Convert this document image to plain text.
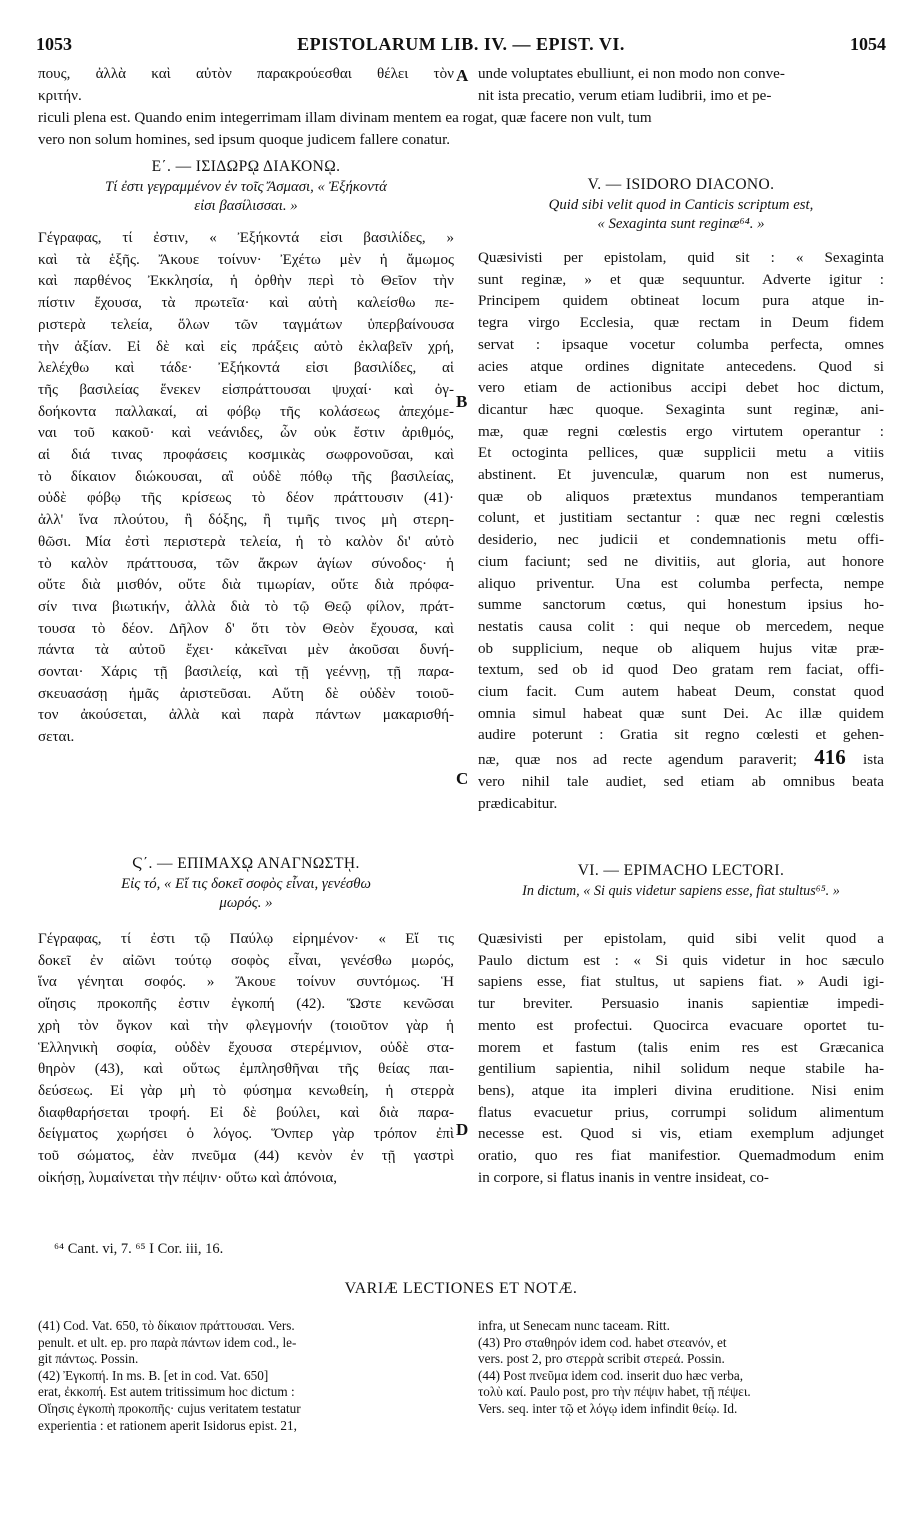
1053	EPISTOLARUM LIB. IV. — EPIST. VI.	1054
πους, ἀλλὰ καὶ αὐτὸν παρακρούεσθαι θέλει τὸν
κριτήν.
A unde voluptates ebulliunt, ei non modo non conve-
nit ista precatio, verum etiam ludibrii, imo et pe-
riculi plena est. Quando enim integerrimam illam divinam mentem ea rogat, quæ facere non vult, tum
vero non solum homines, sed ipsum quoque judicem fallere conatur.
Ε΄. — ΙΣΙΔΩΡῼ ΔΙΑΚΟΝῼ.
Τί ἐστι γεγραμμένον ἐν τοῖς Ἄσμασι, « Ἐξήκοντά
εἰσι βασίλισσαι. »
Γέγραφας, τί ἐστιν, « Ἐξήκοντά εἰσι βασιλίδες, »
καὶ τὰ ἑξῆς. Ἄκουε τοίνυν· Ἐχέτω μὲν ἡ ἄμωμος
καὶ παρθένος Ἐκκλησία, ἡ ὀρθὴν περὶ τὸ Θεῖον τὴν
πίστιν ἔχουσα, τὰ πρωτεῖα· καὶ αὐτὴ καλείσθω πε-
ριστερὰ τελεία, ὅλων τῶν ταγμάτων ὑπερβαίνουσα
τὴν ἀξίαν. Εἰ δὲ καὶ εἰς πράξεις αὐτὸ ἐκλαβεῖν χρή,
λελέχθω καὶ τάδε· Ἐξήκοντά εἰσι βασιλίδες, αἱ
τῆς βασιλείας ἕνεκεν εἰσπράττουσαι ψυχαί· καὶ ὀγ-
δοήκοντα παλλακαί, αἱ φόβῳ τῆς κολάσεως ἀπεχόμε-
ναι τοῦ κακοῦ· καὶ νεάνιδες, ὧν οὐκ ἔστιν ἀριθμός,
αἱ διά τινας προφάσεις κοσμικὰς σωφρονοῦσαι, καὶ
τὸ δίκαιον διώκουσαι, αἳ οὐδὲ πόθῳ τῆς βασιλείας,
οὐδὲ φόβῳ τῆς κρίσεως τὸ δέον πράττουσιν (41)·
ἀλλ' ἵνα πλούτου, ἢ δόξης, ἢ τιμῆς τινος μὴ στερη-
θῶσι. Μία ἐστὶ περιστερὰ τελεία, ἡ τὸ καλὸν δι' αὐτὸ
τὸ καλὸν πράττουσα, τῶν ἄκρων ἁγίων σύνοδος· ἡ
οὔτε διὰ μισθόν, οὔτε διὰ τιμωρίαν, οὔτε διὰ πρόφα-
σίν τινα βιωτικήν, ἀλλὰ διὰ τὸ τῷ Θεῷ φίλον, πράτ-
τουσα τὸ δέον. Δῆλον δ' ὅτι τὸν Θεὸν ἔχουσα, καὶ
πάντα τὰ αὐτοῦ ἔχει· κἀκεῖναι μὲν ἀκοῦσαι δυνή-
σονται· Χάρις τῇ βασιλείᾳ, καὶ τῇ γεέννῃ, τῇ παρα-
σκευασάσῃ ἡμᾶς ἀριστεῦσαι. Αὕτη δὲ οὐδὲν τοιοῦ-
τον ἀκούσεται, ἀλλὰ καὶ παρὰ πάντων μακαρισθή-
σεται.
B
C
V. — ISIDORO DIACONO.
Quid sibi velit quod in Canticis scriptum est,
« Sexaginta sunt reginæ⁶⁴. »
Quæsivisti per epistolam, quid sit : « Sexaginta
sunt reginæ, » et quæ sequuntur. Adverte igitur :
Principem quidem obtineat locum pura atque in-
tegra virgo Ecclesia, quæ rectam in Deum fidem
servat : ipsaque vocetur columba perfecta, omnes
acies atque ordines dignitate antecedens. Quod si
vero etiam de actionibus accipi debet hoc dictum,
dicantur hæc quoque. Sexaginta sunt reginæ, ani-
mæ, quæ regni cœlestis ergo virtutem operantur :
Et octoginta pellices, quæ supplicii metu a vitiis
abstinent. Et juvenculæ, quarum non est numerus,
quæ ob aliquos prætextus mundanos temperantiam
colunt, et justitiam sectantur : quæ nec regni cœlestis
desiderio, nec judicii et condemnationis metu offi-
cium faciunt; sed ne divitiis, aut gloria, aut honore
aliquo priventur. Una est columba perfecta, nempe
summe sanctorum cœtus, qui honestum ipsius ho-
nestatis causa colit : qui neque ob mercedem, neque
ob supplicium, neque ob aliquem hujus vitæ præ-
textum, sed ob id quod Deo gratam rem faciat, offi-
cium facit. Cum autem habeat Deum, constat quod
omnia simul habeat quæ sunt Dei. Ac illæ quidem
audire poterunt : Gratia sit regno cœlesti et gehen-
næ, quæ nos ad recte agendum paraverit; 416 ista
vero nihil tale audiet, sed etiam ab omnibus beata
prædicabitur.
Ϛ΄. — ΕΠΙΜΑΧῼ ΑΝΑΓΝΩΣΤῌ.
Εἰς τό, « Εἴ τις δοκεῖ σοφὸς εἶναι, γενέσθω
μωρός. »
Γέγραφας, τί ἐστι τῷ Παύλῳ εἰρημένον· « Εἴ τις
δοκεῖ ἐν αἰῶνι τούτῳ σοφὸς εἶναι, γενέσθω μωρός,
ἵνα γένηται σοφός. » Ἄκουε τοίνυν συντόμως. Ἡ
οἴησις προκοπῆς ἐστιν ἐγκοπή (42). Ὥστε κενῶσαι
χρὴ τὸν ὄγκον καὶ τὴν φλεγμονήν (τοιοῦτον γὰρ ἡ
Ἑλληνικὴ σοφία, οὐδὲν ἔχουσα στερέμνιον, οὐδὲ στα-
θηρὸν (43), καὶ οὕτως ἐμπλησθῆναι τῆς θείας παι-
δεύσεως. Εἰ γὰρ μὴ τὸ φύσημα κενωθείη, ἡ στερρὰ
διαφθαρήσεται τροφή. Εἰ δὲ βούλει, καὶ διὰ παρα-
δείγματος χωρήσει ὁ λόγος. Ὅνπερ γὰρ τρόπον ἐπὶ
τοῦ σώματος, ἐὰν πνεῦμα (44) κενὸν ἐν τῇ γαστρὶ
οἰκήσῃ, λυμαίνεται τὴν πέψιν· οὕτω καὶ ἀπόνοια,
D
VI. — EPIMACHO LECTORI.
In dictum, « Si quis videtur sapiens esse, fiat stultus⁶⁵. »
Quæsivisti per epistolam, quid sibi velit quod a
Paulo dictum est : « Si quis videtur in hoc sæculo
sapiens esse, fiat stultus, ut sapiens fiat. » Audi igi-
tur breviter. Persuasio inanis sapientiæ impedi-
mento est profectui. Quocirca evacuare oportet tu-
morem et fastum (talis enim res est Græcanica
gentilium sapientia, nihil solidum neque stabile ha-
bens), atque ita impleri divina eruditione. Nisi enim
flatus evacuetur prius, corrumpi solidum alimentum
necesse est. Quod si vis, etiam exemplum adjunget
oratio, quo res fiat manifestior. Quemadmodum enim
in corpore, si flatus inanis in ventre insideat, co-
⁶⁴ Cant. vi, 7. ⁶⁵ I Cor. iii, 16.
VARIÆ LECTIONES ET NOTÆ.
(41) Cod. Vat. 650, τὸ δίκαιον πράττουσαι. Vers.
penult. et ult. ep. pro παρὰ πάντων idem cod., le-
git πάντως. Possin.
(42) Ἐγκοπή. In ms. B. [et in cod. Vat. 650]
erat, ἐκκοπή. Est autem tritissimum hoc dictum :
Οἴησις ἐγκοπὴ προκοπῆς· cujus veritatem testatur
experientia : et rationem aperit Isidorus epist. 21,
infra, ut Senecam nunc taceam. Ritt.
(43) Pro σταθηρόν idem cod. habet στεανόν, et
vers. post 2, pro στερρὰ scribit στερεά. Possin.
(44) Post πνεῦμα idem cod. inserit duo hæc verba,
τολὺ καί. Paulo post, pro τὴν πέψιν habet, τῇ πέψει.
Vers. seq. inter τῷ et λόγῳ idem infindit θείῳ. Id.
